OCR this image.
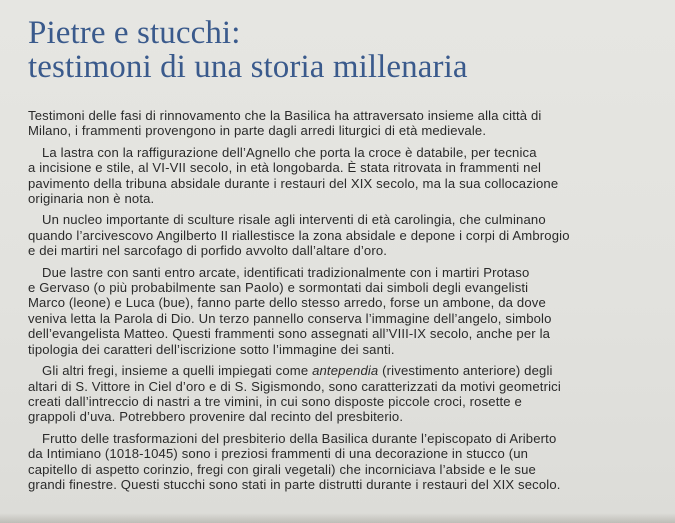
Pietre e stucchi:
testimoni di una storia millenaria

Testimoni delle fasi di rinnovamento che la Basilica ha attraversato insieme alla città di
Milano, i frammenti provengono in parte dagli arredi liturgici di età medievale.

La lastra con la raffigurazione dell’Agnello che porta la croce è databile, per tecnica
a incisione e stile, al VI-VII secolo, in età longobarda. È stata ritrovata in frammenti nel
pavimento della tribuna absidale durante i restauri del XIX secolo, ma la sua collocazione
originaria non è nota.

Un nucleo importante di sculture risale agli interventi di età carolingia, che culminano
quando l’arcivescovo Angilberto II riallestisce la zona absidale e depone i corpi di Ambrogio
e dei martiri nel sarcofago di porfido avvolto dall’altare d’oro.

Due lastre con santi entro arcate, identificati tradizionalmente con i martiri Protaso
e Gervaso (o più probabilmente san Paolo) e sormontati dai simboli degli evangelisti
Marco (leone) e Luca (bue), fanno parte dello stesso arredo, forse un ambone, da dove
veniva letta la Parola di Dio. Un terzo pannello conserva l’immagine dell’angelo, simbolo
dell’evangelista Matteo. Questi frammenti sono assegnati all’VIII-IX secolo, anche per la
tipologia dei caratteri dell’iscrizione sotto l’immagine dei santi.

Gli altri fregi, insieme a quelli impiegati come antependia (rivestimento anteriore) degli
altari di S. Vittore in Ciel d’oro e di S. Sigismondo, sono caratterizzati da motivi geometrici
creati dall’intreccio di nastri a tre vimini, in cui sono disposte piccole croci, rosette e
grappoli d’uva. Potrebbero provenire dal recinto del presbiterio.

Frutto delle trasformazioni del presbiterio della Basilica durante l’episcopato di Ariberto
da Intimiano (1018-1045) sono i preziosi frammenti di una decorazione in stucco (un
capitello di aspetto corinzio, fregi con girali vegetali) che incorniciava l’abside e le sue
grandi finestre. Questi stucchi sono stati in parte distrutti durante i restauri del XIX secolo.
